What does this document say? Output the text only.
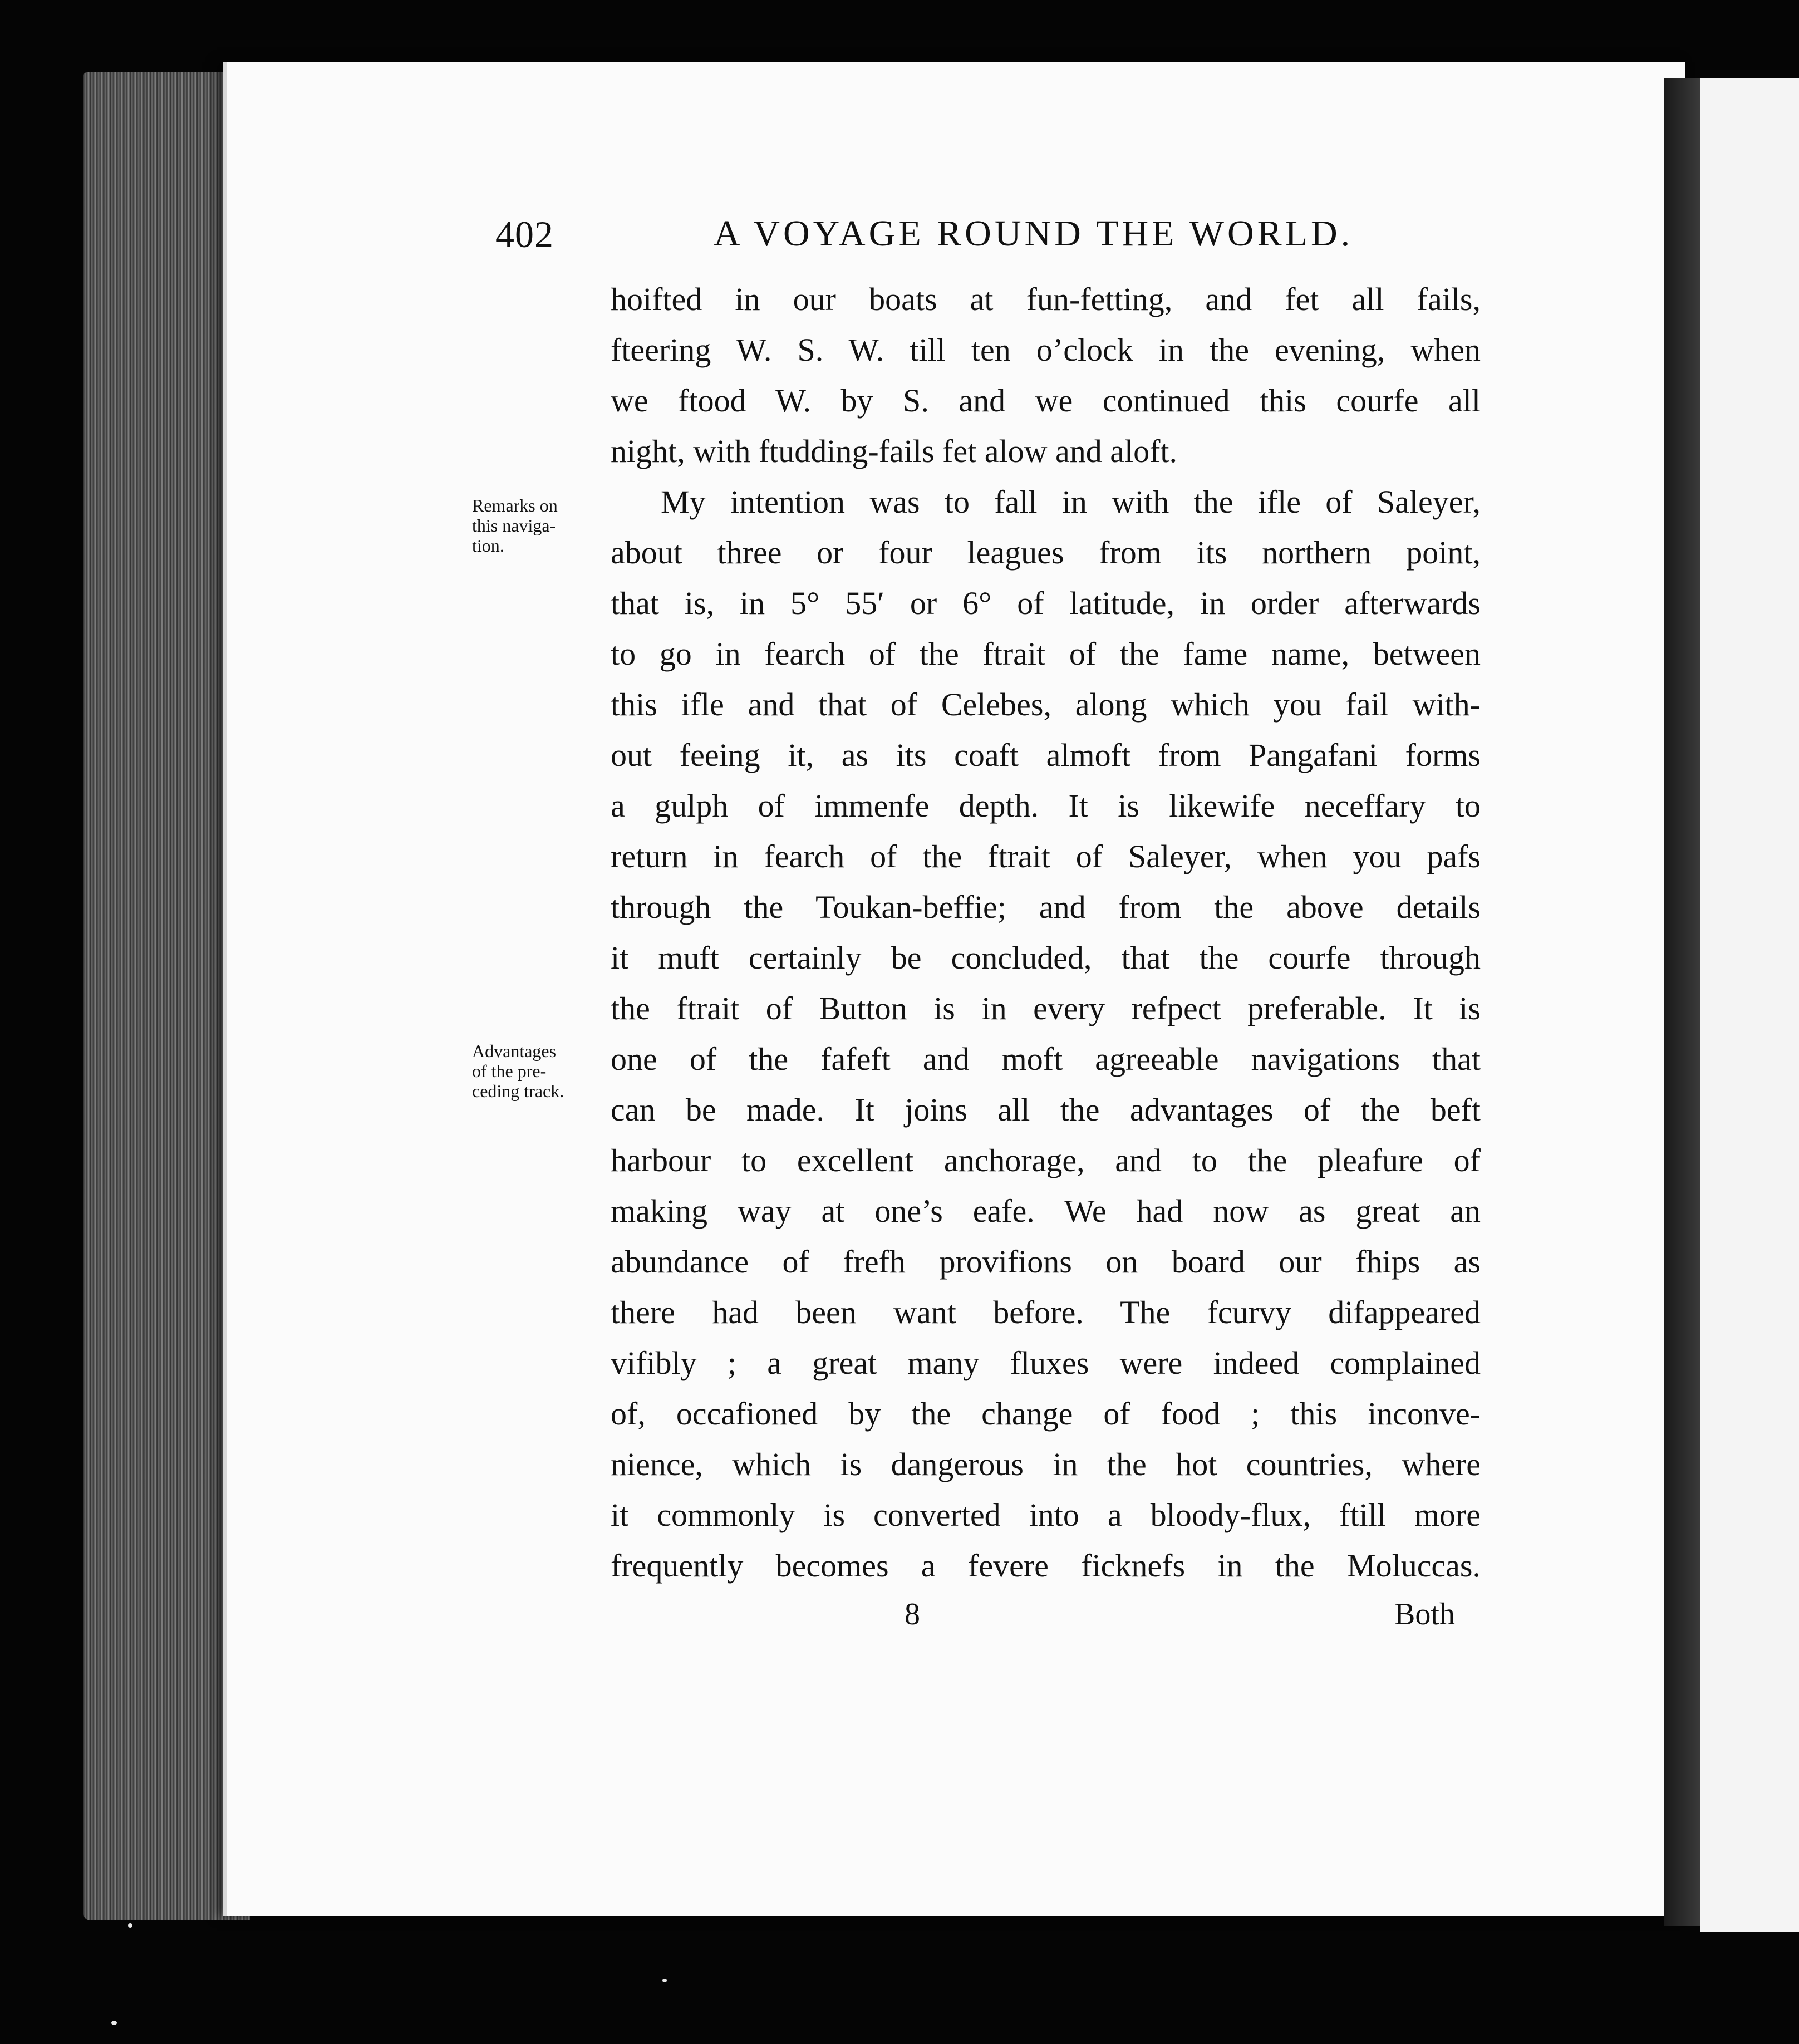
402	A VOYAGE ROUND THE WORLD.
Remarks on
this naviga-
tion.
Advantages
of the pre-
ceding track.
hoifted in our boats at fun-fetting, and fet all fails,
fteering W. S. W. till ten o’clock in the evening, when
we ftood W. by S. and we continued this courfe all
night, with ftudding-fails fet alow and aloft.
My intention was to fall in with the ifle of Saleyer,
about three or four leagues from its northern point,
that is, in 5° 55′ or 6° of latitude, in order afterwards
to go in fearch of the ftrait of the fame name, between
this ifle and that of Celebes, along which you fail with-
out feeing it, as its coaft almoft from Pangafani forms
a gulph of immenfe depth. It is likewife neceffary to
return in fearch of the ftrait of Saleyer, when you pafs
through the Toukan-beffie; and from the above details
it muft certainly be concluded, that the courfe through
the ftrait of Button is in every refpect preferable. It is
one of the fafeft and moft agreeable navigations that
can be made. It joins all the advantages of the beft
harbour to excellent anchorage, and to the pleafure of
making way at one’s eafe. We had now as great an
abundance of frefh provifions on board our fhips as
there had been want before. The fcurvy difappeared
vifibly ; a great many fluxes were indeed complained
of, occafioned by the change of food ; this inconve-
nience, which is dangerous in the hot countries, where
it commonly is converted into a bloody-flux, ftill more
frequently becomes a fevere ficknefs in the Moluccas.
8	Both
